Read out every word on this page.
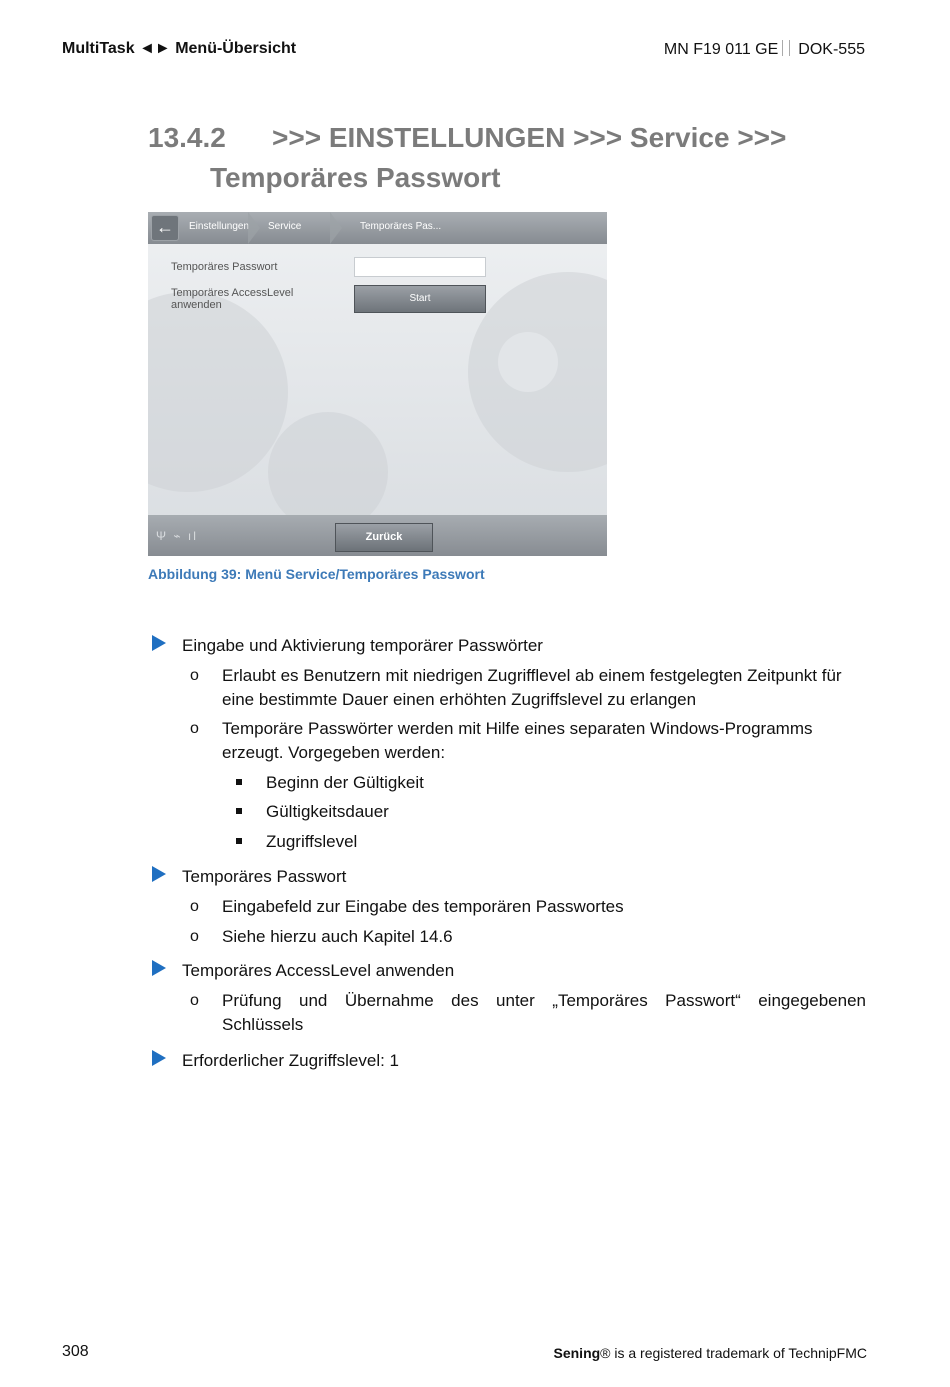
MultiTask ◄► Menü-Übersicht	MN F19 011 GE DOK-555
13.4.2 >>> EINSTELLUNGEN >>> Service >>>
Temporäres Passwort
←	Einstellungen Service	Temporäres Pas...
Temporäres Passwort
Temporäres AccessLevel
anwenden
Start
Ψ ⌁ ıl	Zurück
Abbildung 39: Menü Service/Temporäres Passwort
Eingabe und Aktivierung temporärer Passwörter
o Erlaubt es Benutzern mit niedrigen Zugrifflevel ab einem festgelegten Zeitpunkt für
eine bestimmte Dauer einen erhöhten Zugriffslevel zu erlangen
o Temporäre Passwörter werden mit Hilfe eines separaten Windows-Programms
erzeugt. Vorgegeben werden:
Beginn der Gültigkeit
Gültigkeitsdauer
Zugriffslevel
Temporäres Passwort
o Eingabefeld zur Eingabe des temporären Passwortes
o Siehe hierzu auch Kapitel 14.6
Temporäres AccessLevel anwenden
o Prüfung und Übernahme des unter „Temporäres Passwort“ eingegebenen
Schlüssels
Erforderlicher Zugriffslevel: 1
308	Sening® is a registered trademark of TechnipFMC
